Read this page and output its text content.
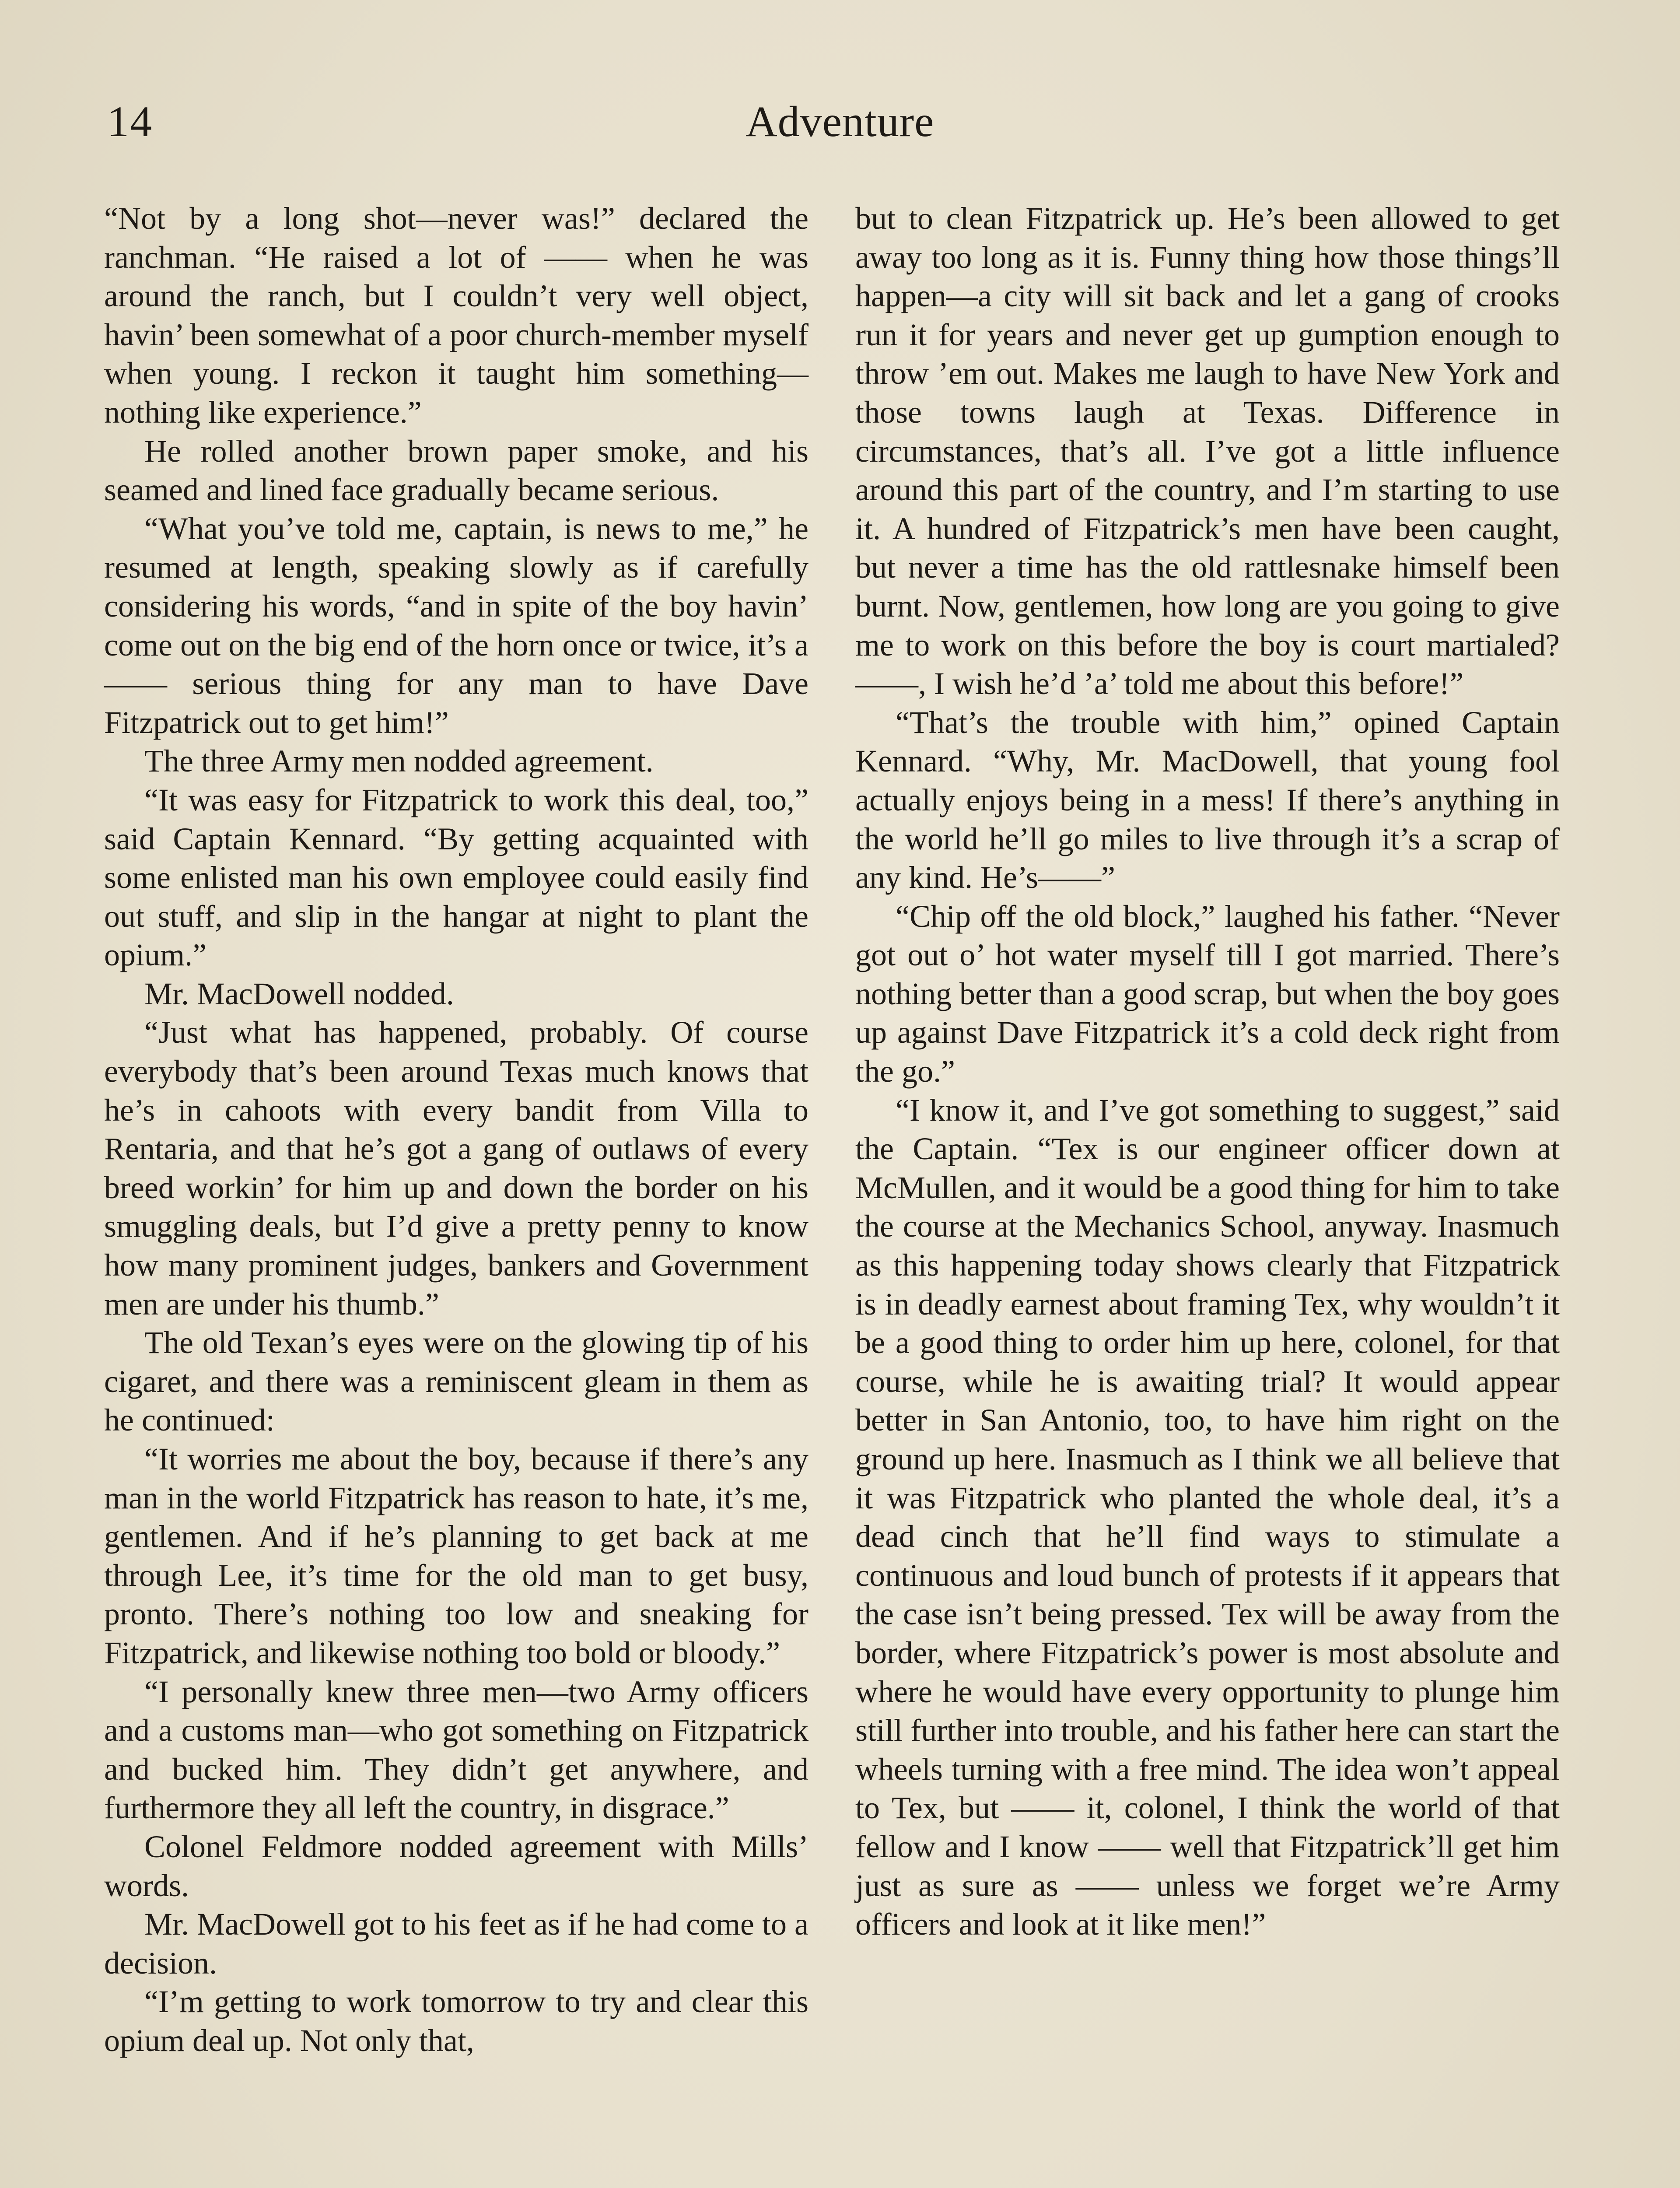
14	Adventure

“Not by a long shot—never was!” declared the ranchman. “He raised a lot of —— when he was around the ranch, but I couldn’t very well object, havin’ been somewhat of a poor church-member myself when young. I reckon it taught him something—nothing like experience.”

He rolled another brown paper smoke, and his seamed and lined face gradually became serious.

“What you’ve told me, captain, is news to me,” he resumed at length, speaking slowly as if carefully considering his words, “and in spite of the boy havin’ come out on the big end of the horn once or twice, it’s a —— serious thing for any man to have Dave Fitzpatrick out to get him!”

The three Army men nodded agreement.

“It was easy for Fitzpatrick to work this deal, too,” said Captain Kennard. “By getting acquainted with some enlisted man his own employee could easily find out stuff, and slip in the hangar at night to plant the opium.”

Mr. MacDowell nodded.

“Just what has happened, probably. Of course everybody that’s been around Texas much knows that he’s in cahoots with every bandit from Villa to Rentaria, and that he’s got a gang of outlaws of every breed workin’ for him up and down the border on his smuggling deals, but I’d give a pretty penny to know how many prominent judges, bankers and Government men are under his thumb.”

The old Texan’s eyes were on the glowing tip of his cigaret, and there was a reminiscent gleam in them as he continued:

“It worries me about the boy, because if there’s any man in the world Fitzpatrick has reason to hate, it’s me, gentlemen. And if he’s planning to get back at me through Lee, it’s time for the old man to get busy, pronto. There’s nothing too low and sneaking for Fitzpatrick, and likewise nothing too bold or bloody.”

“I personally knew three men—two Army officers and a customs man—who got something on Fitzpatrick and bucked him. They didn’t get anywhere, and furthermore they all left the country, in disgrace.”

Colonel Feldmore nodded agreement with Mills’ words.

Mr. MacDowell got to his feet as if he had come to a decision.

“I’m getting to work tomorrow to try and clear this opium deal up. Not only that,

but to clean Fitzpatrick up. He’s been allowed to get away too long as it is. Funny thing how those things’ll happen—a city will sit back and let a gang of crooks run it for years and never get up gumption enough to throw ’em out. Makes me laugh to have New York and those towns laugh at Texas. Difference in circumstances, that’s all. I’ve got a little influence around this part of the country, and I’m starting to use it. A hundred of Fitzpatrick’s men have been caught, but never a time has the old rattlesnake himself been burnt. Now, gentlemen, how long are you going to give me to work on this before the boy is court martialed? ——, I wish he’d ’a’ told me about this before!”

“That’s the trouble with him,” opined Captain Kennard. “Why, Mr. MacDowell, that young fool actually enjoys being in a mess! If there’s anything in the world he’ll go miles to live through it’s a scrap of any kind. He’s——”

“Chip off the old block,” laughed his father. “Never got out o’ hot water myself till I got married. There’s nothing better than a good scrap, but when the boy goes up against Dave Fitzpatrick it’s a cold deck right from the go.”

“I know it, and I’ve got something to suggest,” said the Captain. “Tex is our engineer officer down at McMullen, and it would be a good thing for him to take the course at the Mechanics School, anyway. Inasmuch as this happening today shows clearly that Fitzpatrick is in deadly earnest about framing Tex, why wouldn’t it be a good thing to order him up here, colonel, for that course, while he is awaiting trial? It would appear better in San Antonio, too, to have him right on the ground up here. Inasmuch as I think we all believe that it was Fitzpatrick who planted the whole deal, it’s a dead cinch that he’ll find ways to stimulate a continuous and loud bunch of protests if it appears that the case isn’t being pressed. Tex will be away from the border, where Fitzpatrick’s power is most absolute and where he would have every opportunity to plunge him still further into trouble, and his father here can start the wheels turning with a free mind. The idea won’t appeal to Tex, but —— it, colonel, I think the world of that fellow and I know —— well that Fitzpatrick’ll get him just as sure as —— unless we forget we’re Army officers and look at it like men!”
